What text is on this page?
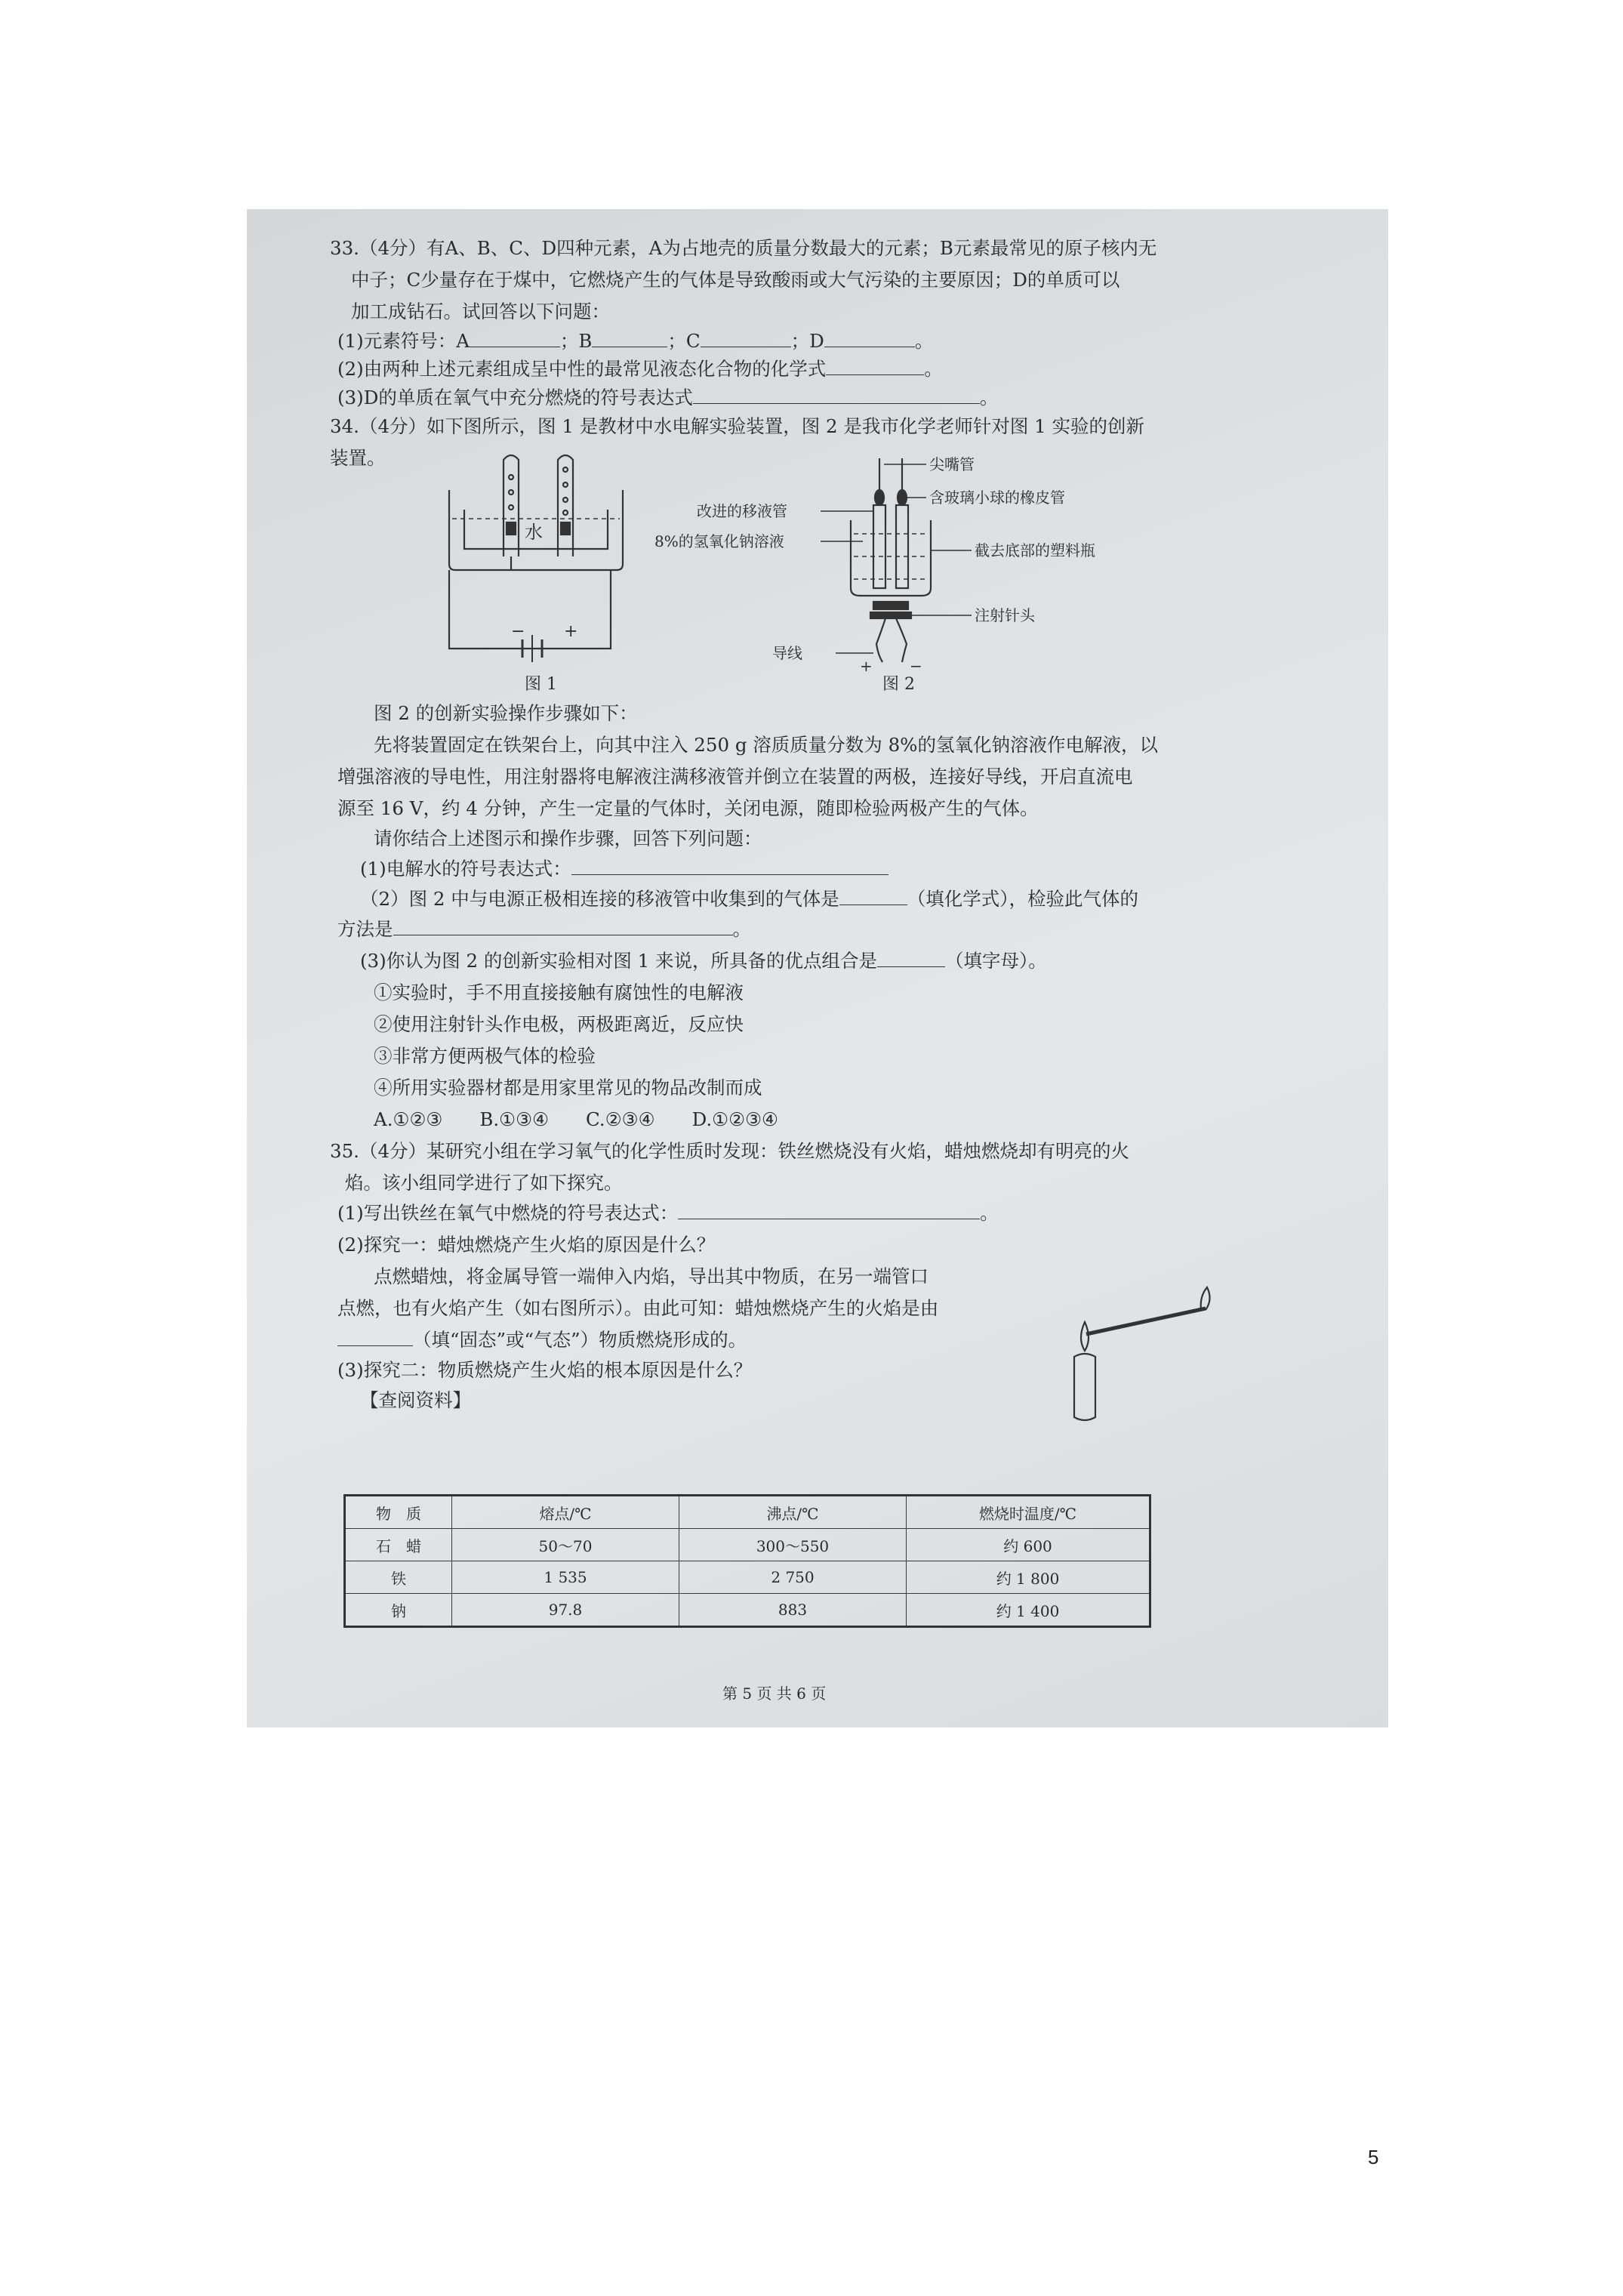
33.（4分）有A、B、C、D四种元素，A为占地壳的质量分数最大的元素；B元素最常见的原子核内无
中子；C少量存在于煤中，它燃烧产生的气体是导致酸雨或大气污染的主要原因；D的单质可以
加工成钻石。试回答以下问题：
(1)元素符号：A	；B	；C	；D	。
(2)由两种上述元素组成呈中性的最常见液态化合物的化学式	。
(3)D的单质在氧气中充分燃烧的符号表达式	。
34.（4分）如下图所示，图 1 是教材中水电解实验装置，图 2 是我市化学老师针对图 1 实验的创新
装置。
水
− +
图 1
尖嘴管
含玻璃小球的橡皮管
改进的移液管
8%的氢氧化钠溶液	截去底部的塑料瓶
注射针头
导线
+ −
图 2
图 2 的创新实验操作步骤如下：
先将装置固定在铁架台上，向其中注入 250 g 溶质质量分数为 8%的氢氧化钠溶液作电解液，以
增强溶液的导电性，用注射器将电解液注满移液管并倒立在装置的两极，连接好导线，开启直流电
源至 16 V，约 4 分钟，产生一定量的气体时，关闭电源，随即检验两极产生的气体。
请你结合上述图示和操作步骤，回答下列问题：
(1)电解水的符号表达式：
（2）图 2 中与电源正极相连接的移液管中收集到的气体是	（填化学式），检验此气体的
方法是	。
(3)你认为图 2 的创新实验相对图 1 来说，所具备的优点组合是	（填字母）。
①实验时，手不用直接接触有腐蚀性的电解液
②使用注射针头作电极，两极距离近，反应快
③非常方便两极气体的检验
④所用实验器材都是用家里常见的物品改制而成
A.①②③　　B.①③④　　C.②③④　　D.①②③④
35.（4分）某研究小组在学习氧气的化学性质时发现：铁丝燃烧没有火焰，蜡烛燃烧却有明亮的火
焰。该小组同学进行了如下探究。
(1)写出铁丝在氧气中燃烧的符号表达式：	。
(2)探究一：蜡烛燃烧产生火焰的原因是什么？
点燃蜡烛，将金属导管一端伸入内焰，导出其中物质，在另一端管口
点燃，也有火焰产生（如右图所示）。由此可知：蜡烛燃烧产生的火焰是由
（填“固态”或“气态”）物质燃烧形成的。
(3)探究二：物质燃烧产生火焰的根本原因是什么？
【查阅资料】
物　质	熔点/℃	沸点/℃	燃烧时温度/℃
石　蜡	50～70	300～550	约 600
铁	1 535	2 750	约 1 800
钠	97.8	883	约 1 400
第 5 页 共 6 页
5
